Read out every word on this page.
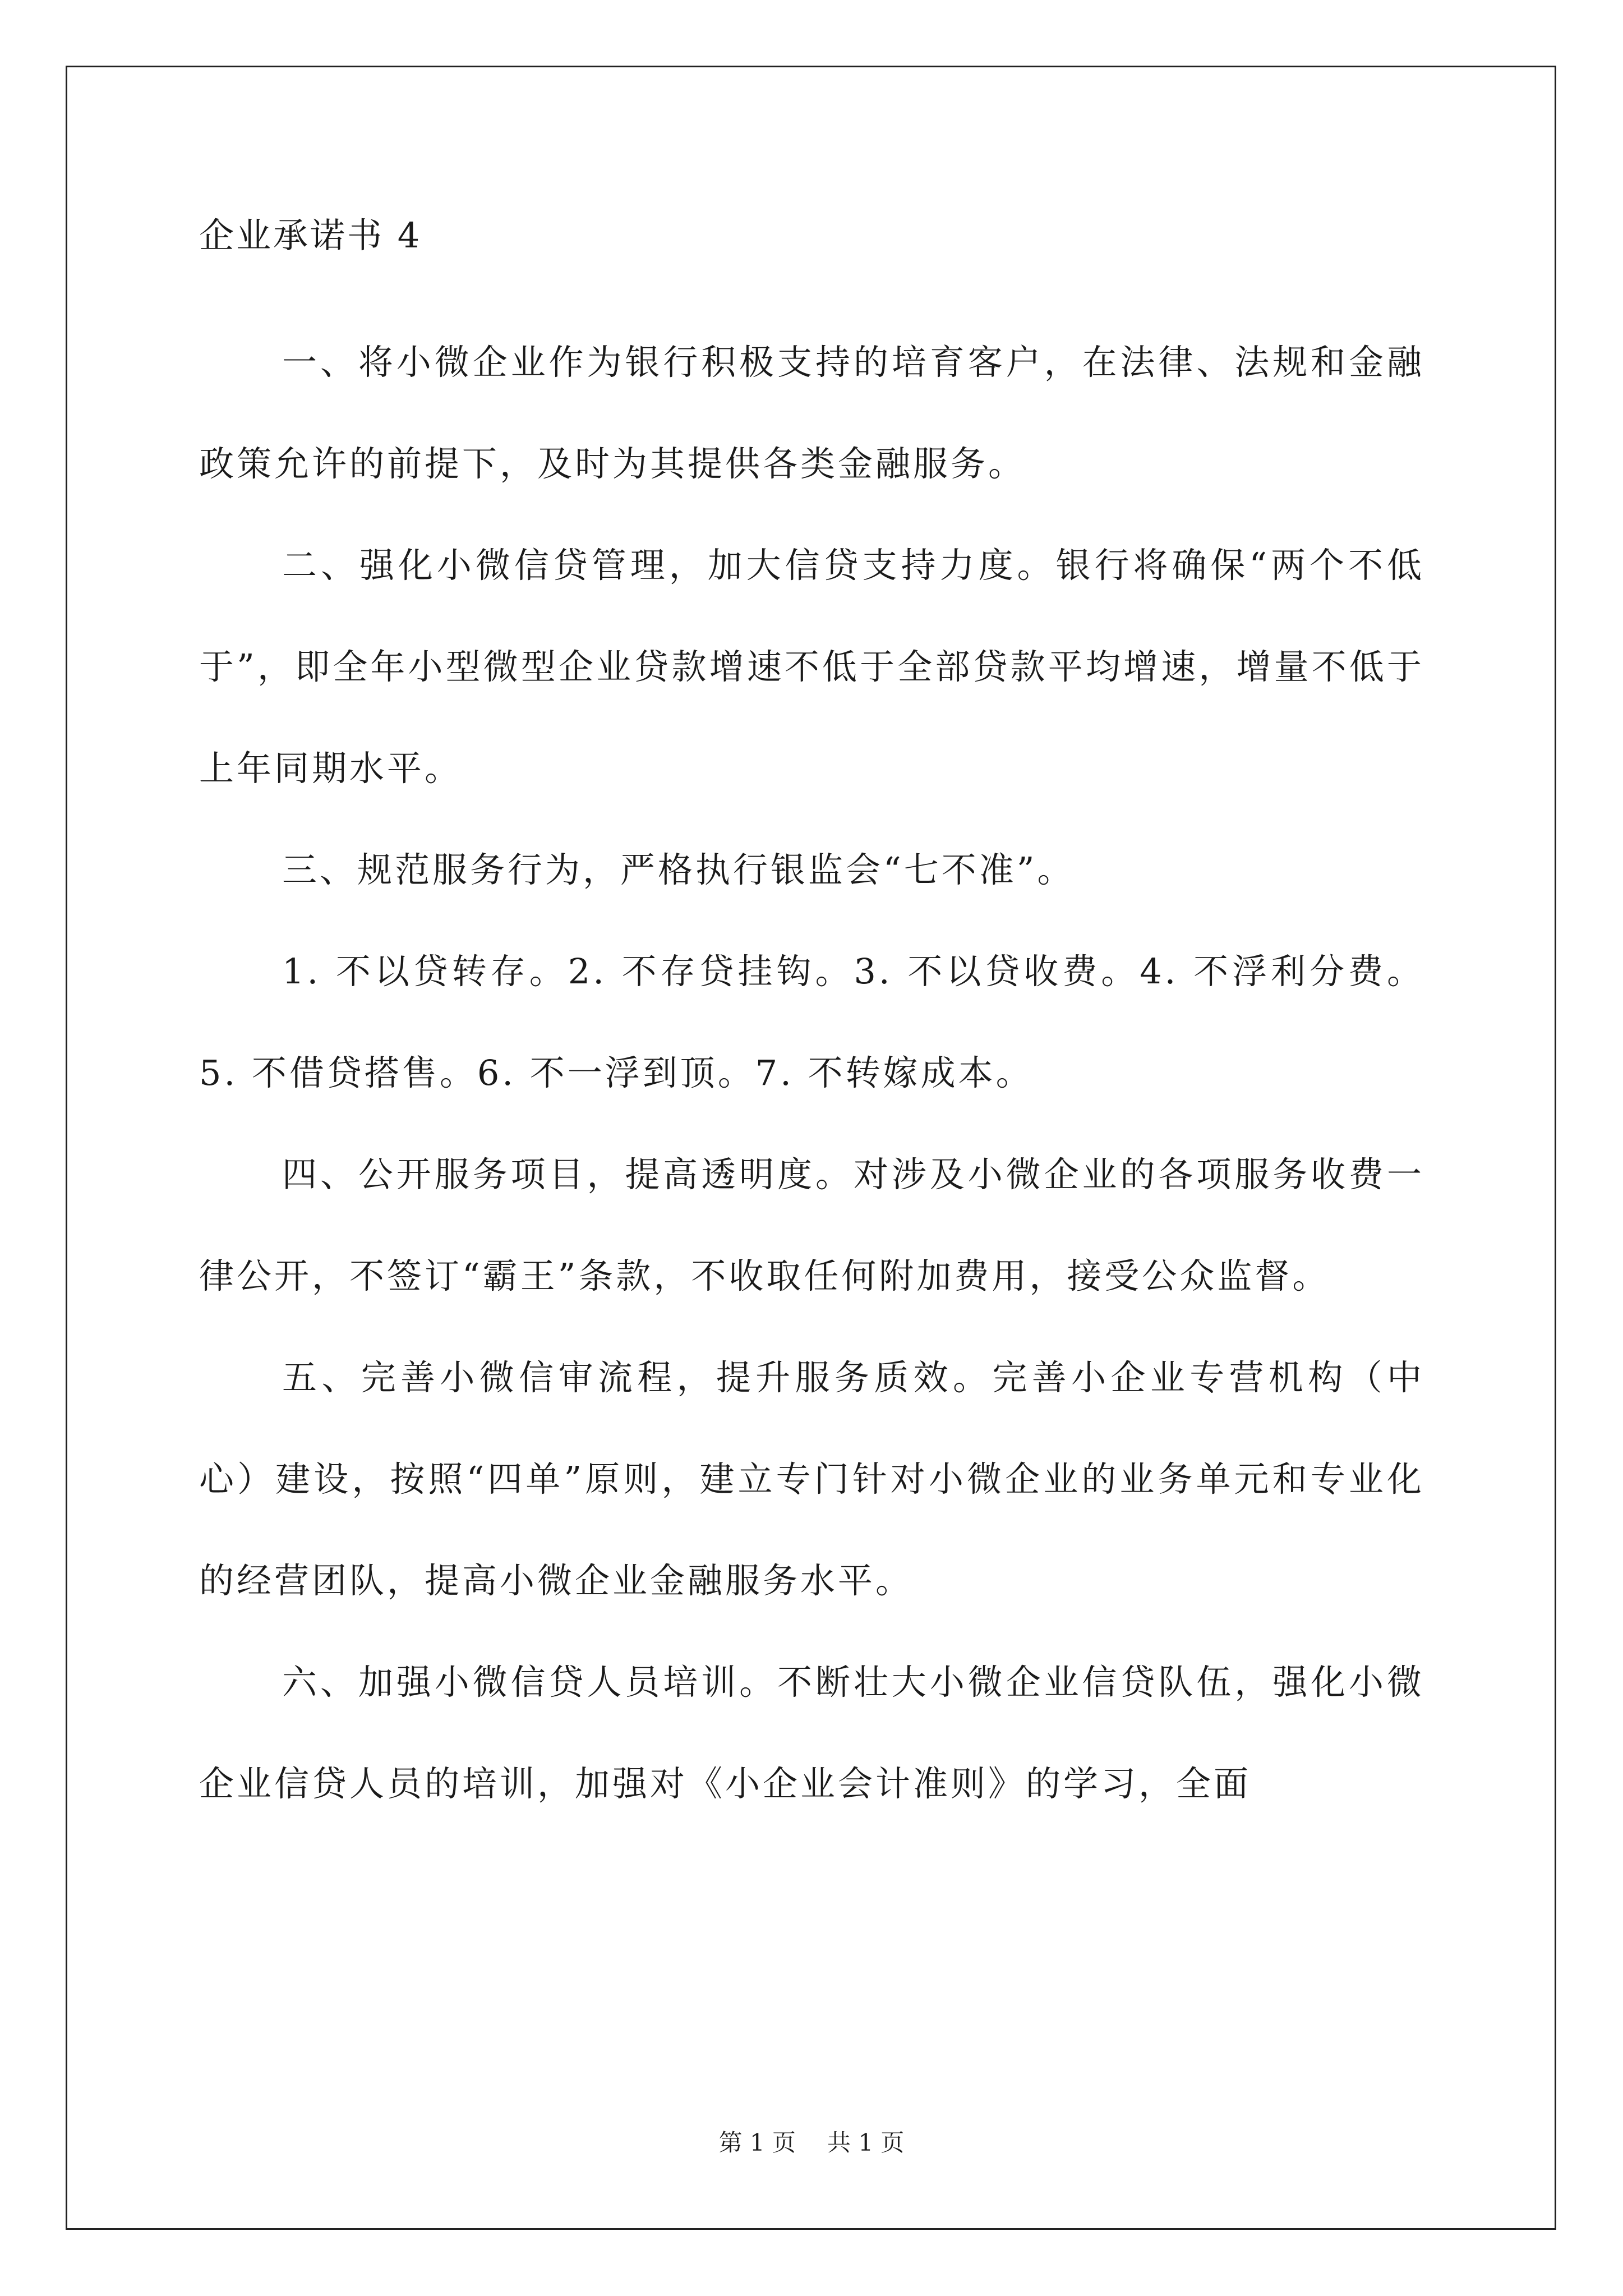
企业承诺书 4

一、将小微企业作为银行积极支持的培育客户，在法律、法规和金融政策允许的前提下，及时为其提供各类金融服务。

二、强化小微信贷管理，加大信贷支持力度。银行将确保“两个不低于”，即全年小型微型企业贷款增速不低于全部贷款平均增速，增量不低于上年同期水平。

三、规范服务行为，严格执行银监会“七不准”。

1. 不以贷转存。2. 不存贷挂钩。3. 不以贷收费。4. 不浮利分费。5. 不借贷搭售。6. 不一浮到顶。7. 不转嫁成本。

四、公开服务项目，提高透明度。对涉及小微企业的各项服务收费一律公开，不签订“霸王”条款，不收取任何附加费用，接受公众监督。

五、完善小微信审流程，提升服务质效。完善小企业专营机构（中心）建设，按照“四单”原则，建立专门针对小微企业的业务单元和专业化的经营团队，提高小微企业金融服务水平。

六、加强小微信贷人员培训。不断壮大小微企业信贷队伍，强化小微企业信贷人员的培训，加强对《小企业会计准则》的学习，全面

第 1 页 共 1 页
